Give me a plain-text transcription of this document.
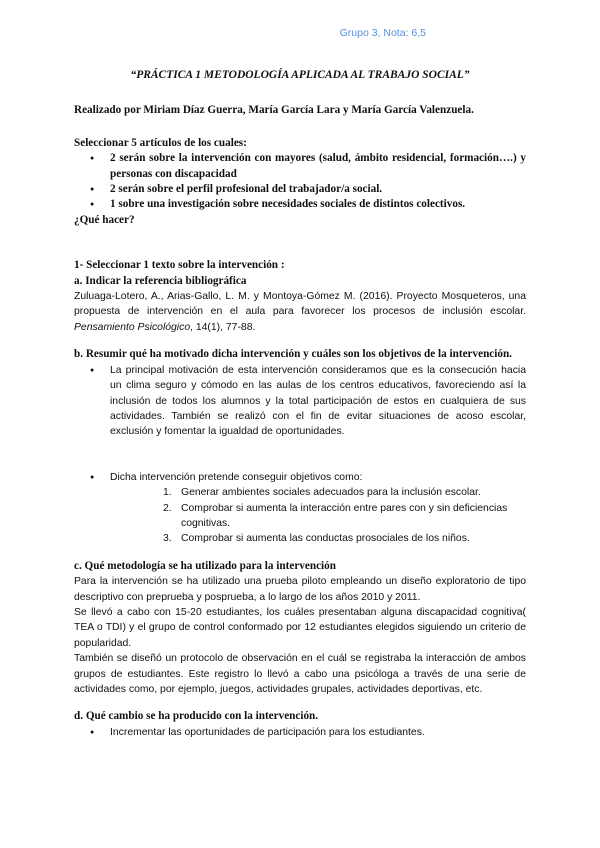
Grupo 3, Nota: 6,5
“PRÁCTICA 1 METODOLOGÍA APLICADA AL TRABAJO SOCIAL”
Realizado por Miriam Díaz Guerra, María García Lara y María García Valenzuela.
Seleccionar 5 artículos de los cuales:
● 2 serán sobre la intervención con mayores (salud, ámbito residencial, formación….) y personas con discapacidad
● 2 serán sobre el perfil profesional del trabajador/a social.
● 1 sobre una investigación sobre necesidades sociales de distintos colectivos.
¿Qué hacer?
1- Seleccionar 1 texto sobre la intervención :
a. Indicar la referencia bibliográfica
Zuluaga-Lotero, A., Arias-Gallo, L. M. y Montoya-Gómez M. (2016). Proyecto Mosqueteros, una propuesta de intervención en el aula para favorecer los procesos de inclusión escolar. Pensamiento Psicológico, 14(1), 77-88.
b. Resumir qué ha motivado dicha intervención y cuáles son los objetivos de la intervención.
● La principal motivación de esta intervención consideramos que es la consecución hacia un clima seguro y cómodo en las aulas de los centros educativos, favoreciendo así la inclusión de todos los alumnos y la total participación de estos en cualquiera de sus actividades. También se realizó con el fin de evitar situaciones de acoso escolar, exclusión y fomentar la igualdad de oportunidades.
● Dicha intervención pretende conseguir objetivos como:
1. Generar ambientes sociales adecuados para la inclusión escolar.
2. Comprobar si aumenta la interacción entre pares con y sin deficiencias cognitivas.
3. Comprobar si aumenta las conductas prosociales de los niños.
c. Qué metodología se ha utilizado para la intervención
Para la intervención se ha utilizado una prueba piloto empleando un diseño exploratorio de tipo descriptivo con preprueba y posprueba, a lo largo de los años 2010 y 2011.
Se llevó a cabo con 15-20 estudiantes, los cuáles presentaban alguna discapacidad cognitiva( TEA o TDI) y el grupo de control conformado por 12 estudiantes elegidos siguiendo un criterio de popularidad.
También se diseñó un protocolo de observación en el cuál se registraba la interacción de ambos grupos de estudiantes. Este registro lo llevó a cabo una psicóloga a través de una serie de actividades como, por ejemplo, juegos, actividades grupales, actividades deportivas, etc.
d. Qué cambio se ha producido con la intervención.
● Incrementar las oportunidades de participación para los estudiantes.
